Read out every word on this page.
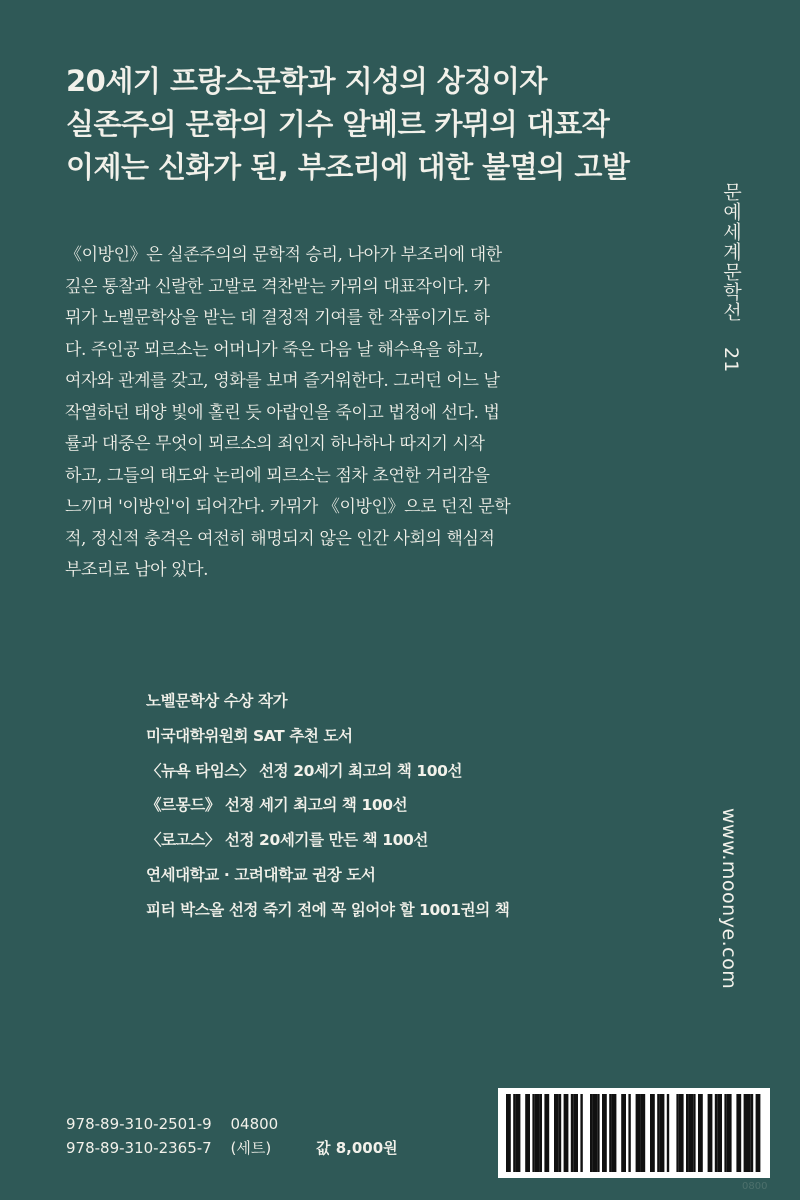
20세기 프랑스문학과 지성의 상징이자
실존주의 문학의 기수 알베르 카뮈의 대표작
이제는 신화가 된, 부조리에 대한 불멸의 고발
문예세계문학선 21
《이방인》은 실존주의의 문학적 승리, 나아가 부조리에 대한
깊은 통찰과 신랄한 고발로 격찬받는 카뮈의 대표작이다. 카
뮈가 노벨문학상을 받는 데 결정적 기여를 한 작품이기도 하
다. 주인공 뫼르소는 어머니가 죽은 다음 날 해수욕을 하고,
여자와 관계를 갖고, 영화를 보며 즐거워한다. 그러던 어느 날
작열하던 태양 빛에 홀린 듯 아랍인을 죽이고 법정에 선다. 법
률과 대중은 무엇이 뫼르소의 죄인지 하나하나 따지기 시작
하고, 그들의 태도와 논리에 뫼르소는 점차 초연한 거리감을
느끼며 '이방인'이 되어간다. 카뮈가 《이방인》으로 던진 문학
적, 정신적 충격은 여전히 해명되지 않은 인간 사회의 핵심적
부조리로 남아 있다.
노벨문학상 수상 작가
미국대학위원회 SAT 추천 도서
〈뉴욕 타임스〉 선정 20세기 최고의 책 100선
《르몽드》 선정 세기 최고의 책 100선
〈로고스〉 선정 20세기를 만든 책 100선
연세대학교 · 고려대학교 권장 도서
피터 박스올 선정 죽기 전에 꼭 읽어야 할 1001권의 책	www.moonye.com
978-89-310-2501-9 04800
978-89-310-2365-7 (세트)	값 8,000원
0800
